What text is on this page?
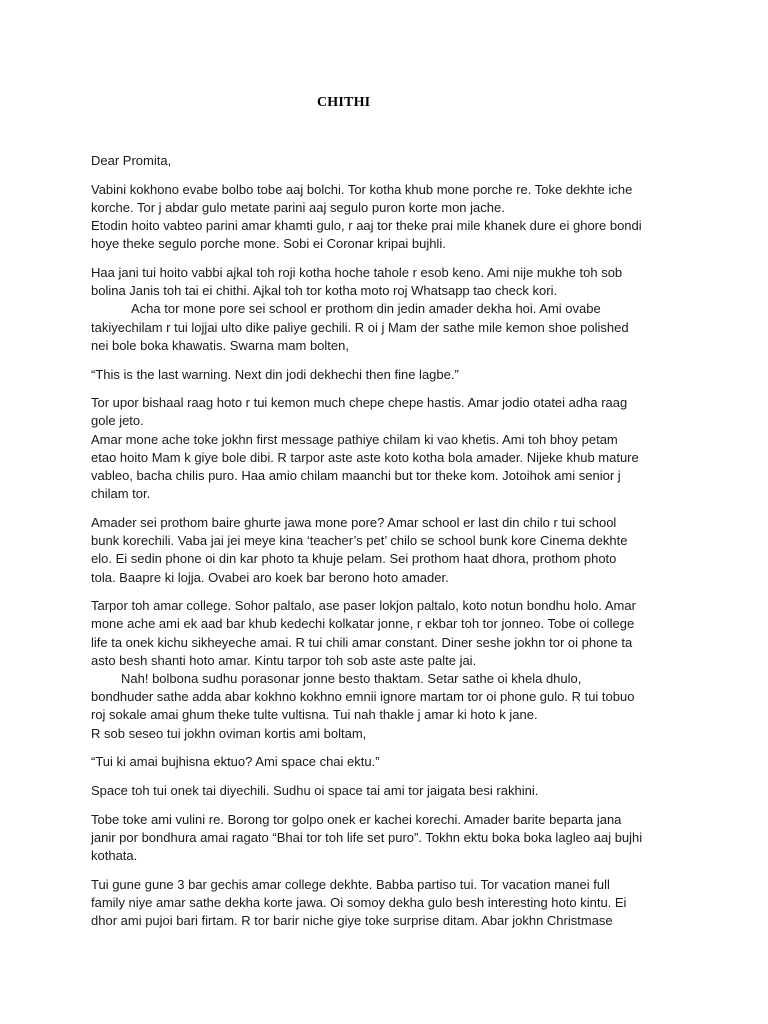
CHITHI
Dear Promita,
Vabini kokhono evabe bolbo tobe aaj bolchi. Tor kotha khub mone porche re. Toke dekhte iche
korche. Tor j abdar gulo metate parini aaj segulo puron korte mon jache.
Etodin hoito vabteo parini amar khamti gulo, r aaj tor theke prai mile khanek dure ei ghore bondi
hoye theke segulo porche mone. Sobi ei Coronar kripai bujhli.
Haa jani tui hoito vabbi ajkal toh roji kotha hoche tahole r esob keno. Ami nije mukhe toh sob
bolina Janis toh tai ei chithi. Ajkal toh tor kotha moto roj Whatsapp tao check kori.
Acha tor mone pore sei school er prothom din jedin amader dekha hoi. Ami ovabe
takiyechilam r tui lojjai ulto dike paliye gechili. R oi j Mam der sathe mile kemon shoe polished
nei bole boka khawatis. Swarna mam bolten,
“This is the last warning. Next din jodi dekhechi then fine lagbe.”
Tor upor bishaal raag hoto r tui kemon much chepe chepe hastis. Amar jodio otatei adha raag
gole jeto.
Amar mone ache toke jokhn first message pathiye chilam ki vao khetis. Ami toh bhoy petam
etao hoito Mam k giye bole dibi. R tarpor aste aste koto kotha bola amader. Nijeke khub mature
vableo, bacha chilis puro. Haa amio chilam maanchi but tor theke kom. Jotoihok ami senior j
chilam tor.
Amader sei prothom baire ghurte jawa mone pore? Amar school er last din chilo r tui school
bunk korechili. Vaba jai jei meye kina ‘teacher’s pet’ chilo se school bunk kore Cinema dekhte
elo. Ei sedin phone oi din kar photo ta khuje pelam. Sei prothom haat dhora, prothom photo
tola. Baapre ki lojja. Ovabei aro koek bar berono hoto amader.
Tarpor toh amar college. Sohor paltalo, ase paser lokjon paltalo, koto notun bondhu holo. Amar
mone ache ami ek aad bar khub kedechi kolkatar jonne, r ekbar toh tor jonneo. Tobe oi college
life ta onek kichu sikheyeche amai. R tui chili amar constant. Diner seshe jokhn tor oi phone ta
asto besh shanti hoto amar. Kintu tarpor toh sob aste aste palte jai.
Nah! bolbona sudhu porasonar jonne besto thaktam. Setar sathe oi khela dhulo,
bondhuder sathe adda abar kokhno kokhno emnii ignore martam tor oi phone gulo. R tui tobuo
roj sokale amai ghum theke tulte vultisna. Tui nah thakle j amar ki hoto k jane.
R sob seseo tui jokhn oviman kortis ami boltam,
“Tui ki amai bujhisna ektuo? Ami space chai ektu.”
Space toh tui onek tai diyechili. Sudhu oi space tai ami tor jaigata besi rakhini.
Tobe toke ami vulini re. Borong tor golpo onek er kachei korechi. Amader barite beparta jana
janir por bondhura amai ragato “Bhai tor toh life set puro”. Tokhn ektu boka boka lagleo aaj bujhi
kothata.
Tui gune gune 3 bar gechis amar college dekhte. Babba partiso tui. Tor vacation manei full
family niye amar sathe dekha korte jawa. Oi somoy dekha gulo besh interesting hoto kintu. Ei
dhor ami pujoi bari firtam. R tor barir niche giye toke surprise ditam. Abar jokhn Christmase
